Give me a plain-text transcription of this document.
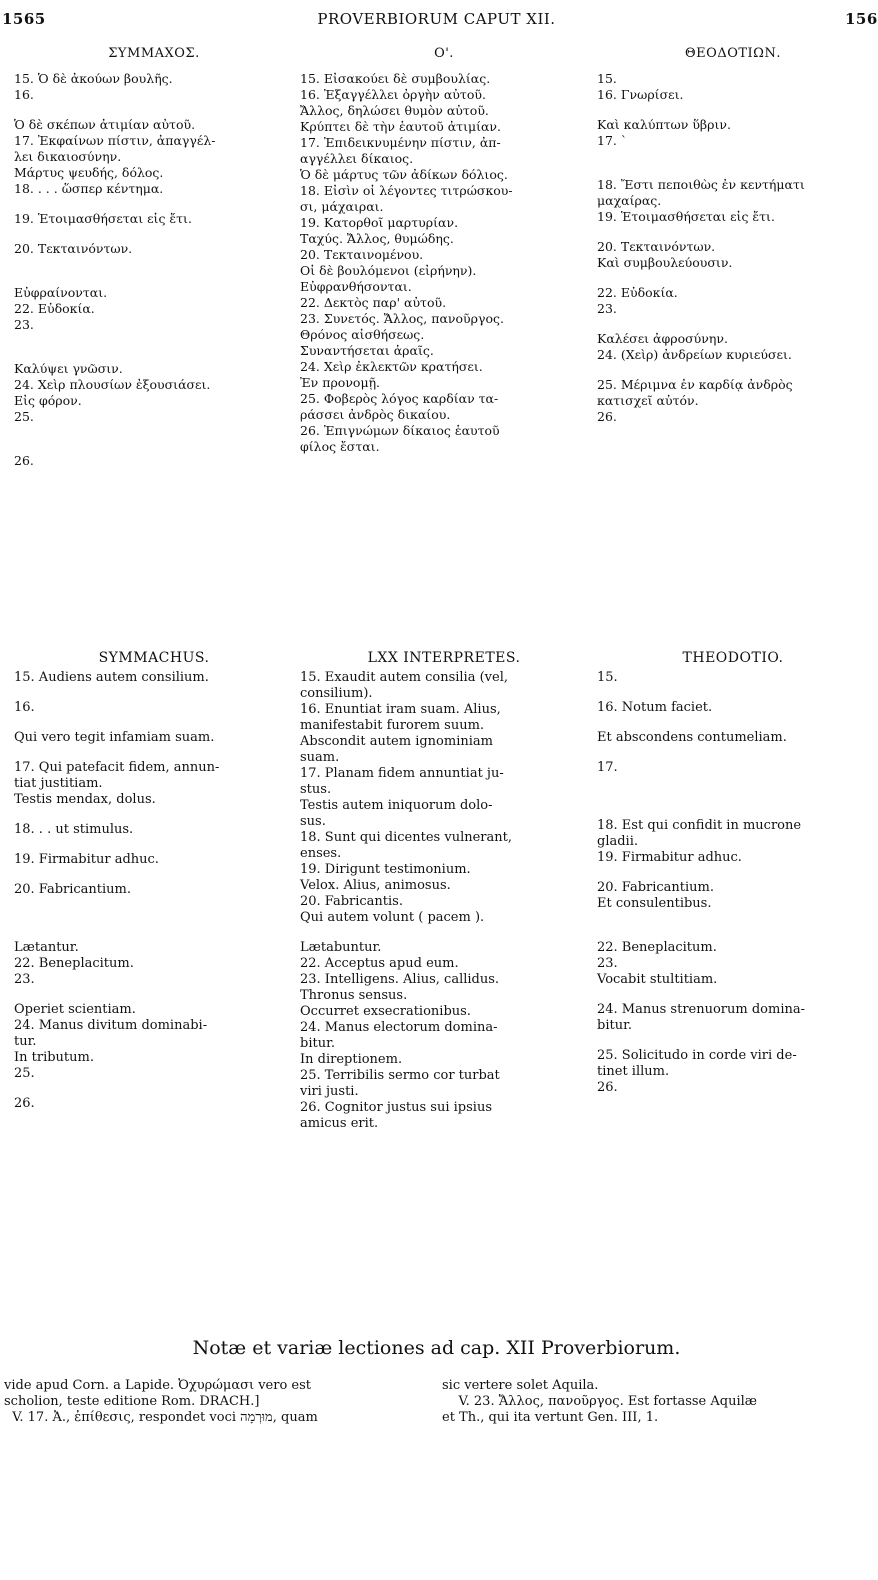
1565	PROVERBIORUM CAPUT XII.	156
ΣΥΜΜΑΧΟΣ.
15. Ὁ δὲ ἀκούων βουλῆς.
16.
Ὁ δὲ σκέπων ἀτιμίαν αὐτοῦ.
17. Ἐκφαίνων πίστιν, ἀπαγγέλ-
λει δικαιοσύνην.
Μάρτυς ψευδής, δόλος.
18. . . . ὥσπερ κέντημα.
19. Ἑτοιμασθήσεται εἰς ἔτι.
20. Τεκταινόντων.
Εὐφραίνονται.
22. Εὐδοκία.
23.
Καλύψει γνῶσιν.
24. Χεὶρ πλουσίων ἐξουσιάσει.
Εἰς φόρον.
25.
26.
Ο'.
15. Εἰσακούει δὲ συμβουλίας.
16. Ἐξαγγέλλει ὀργὴν αὐτοῦ.
Ἄλλος, δηλώσει θυμὸν αὐτοῦ.
Κρύπτει δὲ τὴν ἑαυτοῦ ἀτιμίαν.
17. Ἐπιδεικνυμένην πίστιν, ἀπ-
αγγέλλει δίκαιος.
Ὁ δὲ μάρτυς τῶν ἀδίκων δόλιος.
18. Εἰσὶν οἱ λέγοντες τιτρώσκου-
σι, μάχαιραι.
19. Κατορθοῖ μαρτυρίαν.
Ταχύς. Ἄλλος, θυμώδης.
20. Τεκταινομένου.
Οἱ δὲ βουλόμενοι (εἰρήνην).
Εὐφρανθήσονται.
22. Δεκτὸς παρ' αὐτοῦ.
23. Συνετός. Ἄλλος, πανοῦργος.
Θρόνος αἰσθήσεως.
Συναντήσεται ἀραῖς.
24. Χεὶρ ἐκλεκτῶν κρατήσει.
Ἐν προνομῇ.
25. Φοβερὸς λόγος καρδίαν τα-
ράσσει ἀνδρὸς δικαίου.
26. Ἐπιγνώμων δίκαιος ἑαυτοῦ
φίλος ἔσται.
ΘΕΟΔΟΤΙΩΝ.
15.
16. Γνωρίσει.
Καὶ καλύπτων ὕβριν.
17. `
18. Ἔστι πεποιθὼς ἐν κεντήματι
μαχαίρας.
19. Ἑτοιμασθήσεται εἰς ἔτι.
20. Τεκταινόντων.
Καὶ συμβουλεύουσιν.
22. Εὐδοκία.
23.
Καλέσει ἀφροσύνην.
24. (Χεὶρ) ἀνδρείων κυριεύσει.
25. Μέριμνα ἐν καρδίᾳ ἀνδρὸς
κατισχεῖ αὐτόν.
26.
SYMMACHUS.
15. Audiens autem consilium.
16.
Qui vero tegit infamiam suam.
17. Qui patefacit fidem, annun-
tiat justitiam.
Testis mendax, dolus.
18. . . ut stimulus.
19. Firmabitur adhuc.
20. Fabricantium.
Lætantur.
22. Beneplacitum.
23.
Operiet scientiam.
24. Manus divitum dominabi-
tur.
In tributum.
25.
26.
LXX INTERPRETES.
15. Exaudit autem consilia (vel,
consilium).
16. Enuntiat iram suam. Alius,
manifestabit furorem suum.
Abscondit autem ignominiam
suam.
17. Planam fidem annuntiat ju-
stus.
Testis autem iniquorum dolo-
sus.
18. Sunt qui dicentes vulnerant,
enses.
19. Dirigunt testimonium.
Velox. Alius, animosus.
20. Fabricantis.
Qui autem volunt ( pacem ).
Lætabuntur.
22. Acceptus apud eum.
23. Intelligens. Alius, callidus.
Thronus sensus.
Occurret exsecrationibus.
24. Manus electorum domina-
bitur.
In direptionem.
25. Terribilis sermo cor turbat
viri justi.
26. Cognitor justus sui ipsius
amicus erit.
THEODOTIO.
15.
16. Notum faciet.
Et abscondens contumeliam.
17.
18. Est qui confidit in mucrone
gladii.
19. Firmabitur adhuc.
20. Fabricantium.
Et consulentibus.
22. Beneplacitum.
23.
Vocabit stultitiam.
24. Manus strenuorum domina-
bitur.
25. Solicitudo in corde viri de-
tinet illum.
26.
Notæ et variæ lectiones ad cap. XII Proverbiorum.
vide apud Corn. a Lapide. Ὀχυρώμασι vero est
scholion, teste editione Rom. DRACH.]
V. 17. Ἀ., ἐπίθεσις, respondet voci מוּרְמָה, quam
sic vertere solet Aquila.
V. 23. Ἄλλος, πανοῦργος. Est fortasse Aquilæ
et Th., qui ita vertunt Gen. III, 1.
